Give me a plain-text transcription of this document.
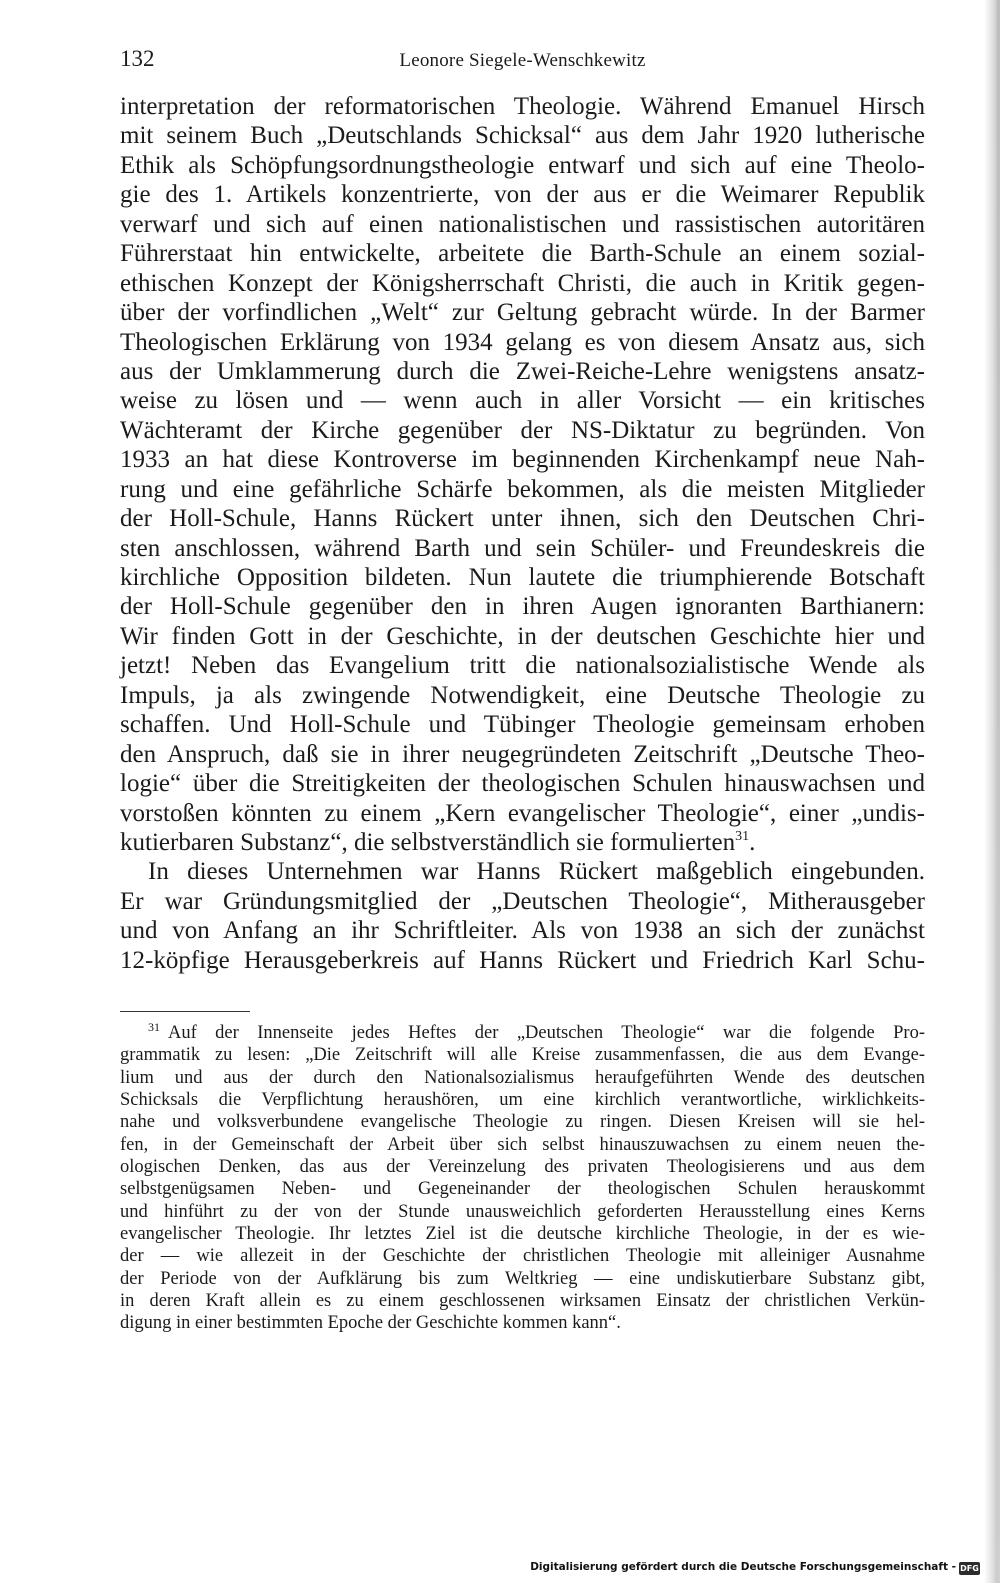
132	Leonore Siegele-Wenschkewitz
interpretation der reformatorischen Theologie. Während Emanuel Hirsch
mit seinem Buch „Deutschlands Schicksal“ aus dem Jahr 1920 lutherische
Ethik als Schöpfungsordnungstheologie entwarf und sich auf eine Theolo-
gie des 1. Artikels konzentrierte, von der aus er die Weimarer Republik
verwarf und sich auf einen nationalistischen und rassistischen autoritären
Führerstaat hin entwickelte, arbeitete die Barth-Schule an einem sozial-
ethischen Konzept der Königsherrschaft Christi, die auch in Kritik gegen-
über der vorfindlichen „Welt“ zur Geltung gebracht würde. In der Barmer
Theologischen Erklärung von 1934 gelang es von diesem Ansatz aus, sich
aus der Umklammerung durch die Zwei-Reiche-Lehre wenigstens ansatz-
weise zu lösen und — wenn auch in aller Vorsicht — ein kritisches
Wächteramt der Kirche gegenüber der NS-Diktatur zu begründen. Von
1933 an hat diese Kontroverse im beginnenden Kirchenkampf neue Nah-
rung und eine gefährliche Schärfe bekommen, als die meisten Mitglieder
der Holl-Schule, Hanns Rückert unter ihnen, sich den Deutschen Chri-
sten anschlossen, während Barth und sein Schüler- und Freundeskreis die
kirchliche Opposition bildeten. Nun lautete die triumphierende Botschaft
der Holl-Schule gegenüber den in ihren Augen ignoranten Barthianern:
Wir finden Gott in der Geschichte, in der deutschen Geschichte hier und
jetzt! Neben das Evangelium tritt die nationalsozialistische Wende als
Impuls, ja als zwingende Notwendigkeit, eine Deutsche Theologie zu
schaffen. Und Holl-Schule und Tübinger Theologie gemeinsam erhoben
den Anspruch, daß sie in ihrer neugegründeten Zeitschrift „Deutsche Theo-
logie“ über die Streitigkeiten der theologischen Schulen hinauswachsen und
vorstoßen könnten zu einem „Kern evangelischer Theologie“, einer „undis-
kutierbaren Substanz“, die selbstverständlich sie formulierten$^{31}$.
In dieses Unternehmen war Hanns Rückert maßgeblich eingebunden.
Er war Gründungsmitglied der „Deutschen Theologie“, Mitherausgeber
und von Anfang an ihr Schriftleiter. Als von 1938 an sich der zunächst
12-köpfige Herausgeberkreis auf Hanns Rückert und Friedrich Karl Schu-
$^{31}$ Auf der Innenseite jedes Heftes der „Deutschen Theologie“ war die folgende Pro-
grammatik zu lesen: „Die Zeitschrift will alle Kreise zusammenfassen, die aus dem Evange-
lium und aus der durch den Nationalsozialismus heraufgeführten Wende des deutschen
Schicksals die Verpflichtung heraushören, um eine kirchlich verantwortliche, wirklichkeits-
nahe und volksverbundene evangelische Theologie zu ringen. Diesen Kreisen will sie hel-
fen, in der Gemeinschaft der Arbeit über sich selbst hinauszuwachsen zu einem neuen the-
ologischen Denken, das aus der Vereinzelung des privaten Theologisierens und aus dem
selbstgenügsamen Neben- und Gegeneinander der theologischen Schulen herauskommt
und hinführt zu der von der Stunde unausweichlich geforderten Herausstellung eines Kerns
evangelischer Theologie. Ihr letztes Ziel ist die deutsche kirchliche Theologie, in der es wie-
der — wie allezeit in der Geschichte der christlichen Theologie mit alleiniger Ausnahme
der Periode von der Aufklärung bis zum Weltkrieg — eine undiskutierbare Substanz gibt,
in deren Kraft allein es zu einem geschlossenen wirksamen Einsatz der christlichen Verkün-
digung in einer bestimmten Epoche der Geschichte kommen kann“.
Digitalisierung gefördert durch die Deutsche Forschungsgemeinschaft - DFG
